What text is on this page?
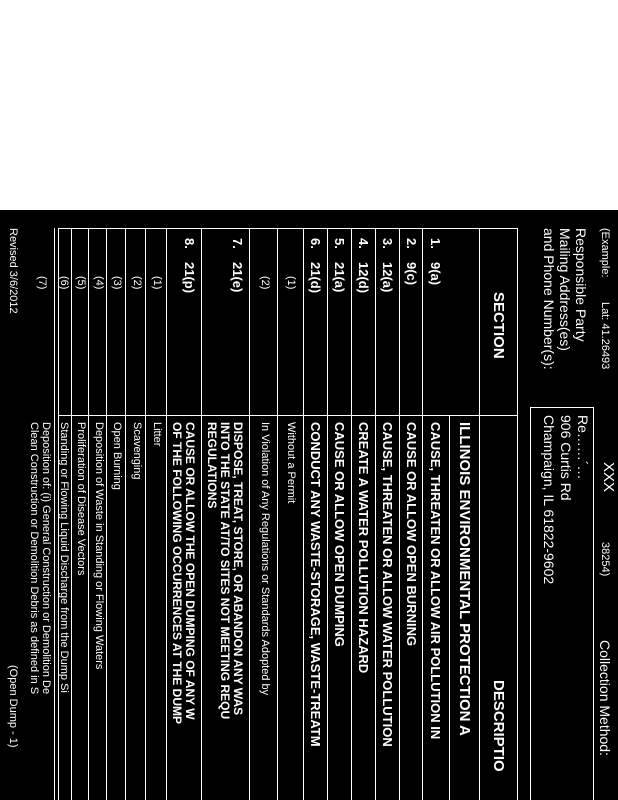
(Example:
Lat: 41.26493
XXX
38254)
Collection Method:
Responsible Party
Mailing Address(es)
and Phone Number(s):
Re……´…
906 Curtis Rd
Champaign, IL 61822-9602
SECTION
DESCRIPTIO
ILLINOIS ENVIRONMENTAL PROTECTION A
1.
9(a)
CAUSE, THREATEN OR ALLOW AIR POLLUTION IN
2.
9(c)
CAUSE OR ALLOW OPEN BURNING
3.
12(a)
CAUSE, THREATEN OR ALLOW WATER POLLUTION
4.
12(d)
CREATE A WATER POLLUTION HAZARD
5.
21(a)
CAUSE OR ALLOW OPEN DUMPING
6.
21(d)
CONDUCT ANY WASTE-STORAGE, WASTE-TREATM
(1)
Without a Permit
(2)
In Violation of Any Regulations or Standards Adopted by
7.
21(e)
DISPOSE, TREAT, STORE, OR ABANDON ANY WAS
INTO THE STATE AT/TO SITES NOT MEETING REQU
REGULATIONS
8.
21(p)
CAUSE OR ALLOW THE OPEN DUMPING OF ANY W
OF THE FOLLOWING OCCURRENCES AT THE DUMP
(1)
Litter
(2)
Scavenging
(3)
Open Burning
(4)
Deposition of Waste in Standing or Flowing Waters
(5)
Proliferation of Disease Vectors
(6)
Standing or Flowing Liquid Discharge from the Dump Si
(7)
Deposition of: (i) General Construction or Demolition De
Clean Construction or Demolition Debris as defined in S
Revised 3/6/2012
(Open Dump - 1)
